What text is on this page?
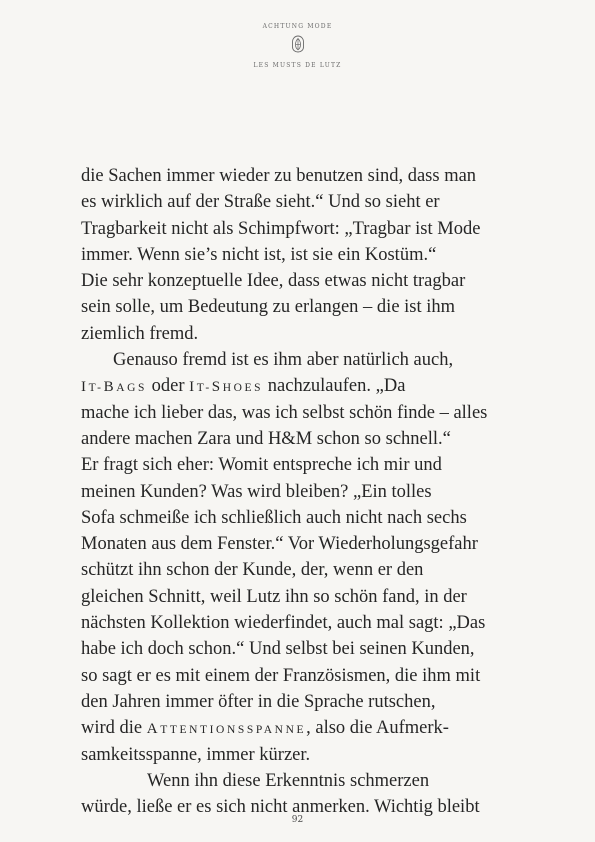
ACHTUNG MODE
LES MUSTS DE LUTZ
die Sachen immer wieder zu benutzen sind, dass man
es wirklich auf der Straße sieht.“ Und so sieht er
Tragbarkeit nicht als Schimpfwort: „Tragbar ist Mode
immer. Wenn sie’s nicht ist, ist sie ein Kostüm.“
Die sehr konzeptuelle Idee, dass etwas nicht tragbar
sein solle, um Bedeutung zu erlangen – die ist ihm
ziemlich fremd.
Genauso fremd ist es ihm aber natürlich auch,
IT-BAGS oder IT-SHOES nachzulaufen. „Da
mache ich lieber das, was ich selbst schön finde – alles
andere machen Zara und H&M schon so schnell.“
Er fragt sich eher: Womit entspreche ich mir und
meinen Kunden? Was wird bleiben? „Ein tolles
Sofa schmeiße ich schließlich auch nicht nach sechs
Monaten aus dem Fenster.“ Vor Wiederholungsgefahr
schützt ihn schon der Kunde, der, wenn er den
gleichen Schnitt, weil Lutz ihn so schön fand, in der
nächsten Kollektion wiederfindet, auch mal sagt: „Das
habe ich doch schon.“ Und selbst bei seinen Kunden,
so sagt er es mit einem der Französismen, die ihm mit
den Jahren immer öfter in die Sprache rutschen,
wird die ATTENTIONSSPANNE, also die Aufmerk-
samkeitsspanne, immer kürzer.
Wenn ihn diese Erkenntnis schmerzen
würde, ließe er es sich nicht anmerken. Wichtig bleibt
92
